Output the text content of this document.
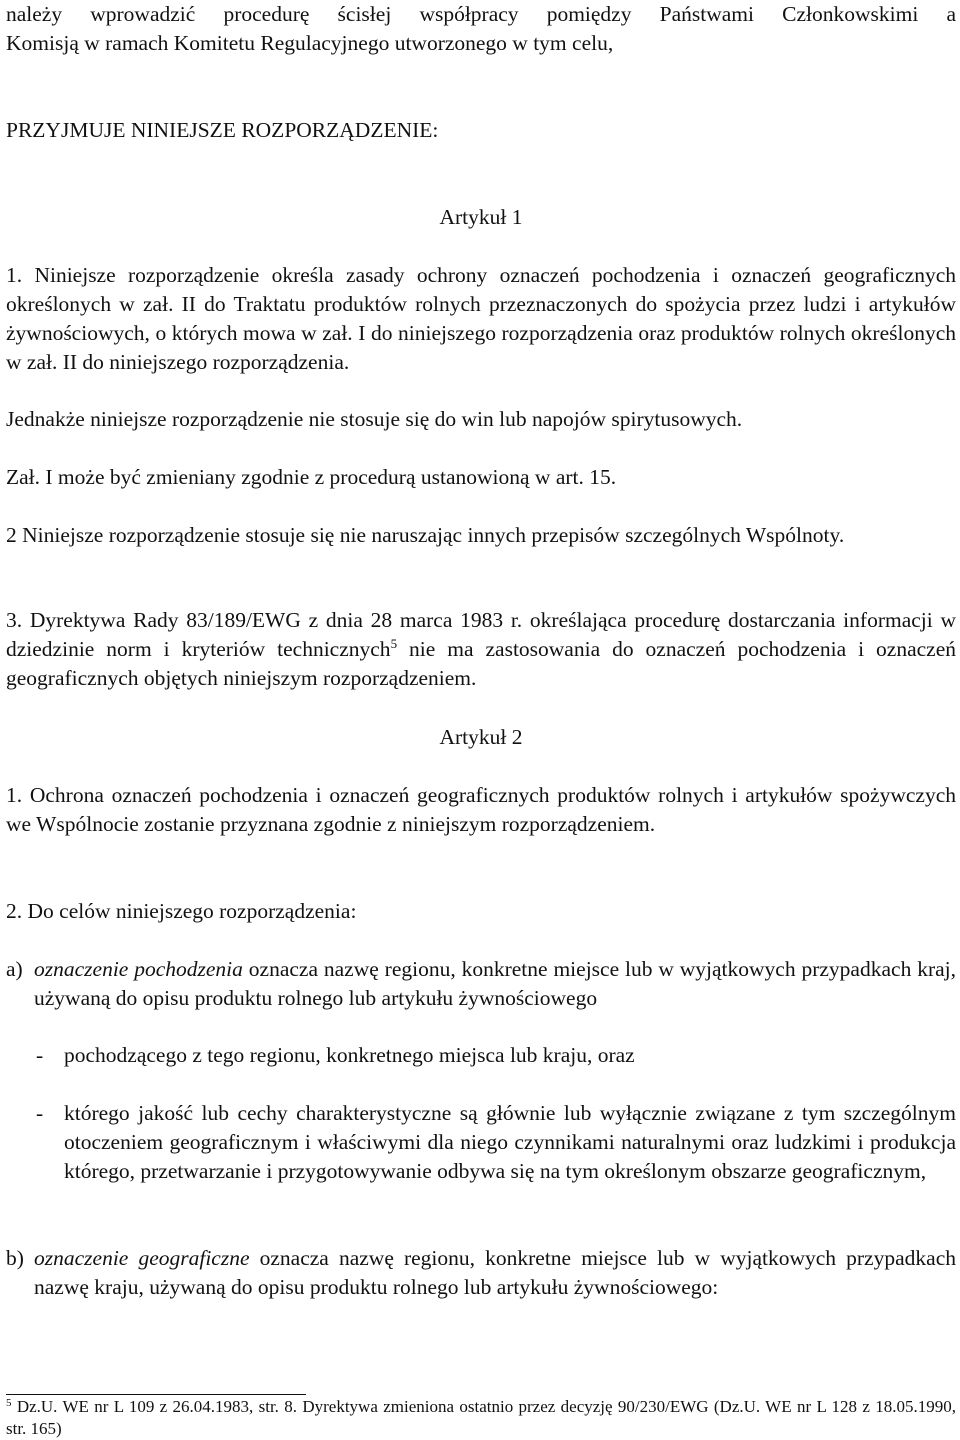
należy wprowadzić procedurę ścisłej współpracy pomiędzy Państwami Członkowskimi a

Komisją w ramach Komitetu Regulacyjnego utworzonego w tym celu,

PRZYJMUJE NINIEJSZE ROZPORZĄDZENIE:

Artykuł 1

1. Niniejsze rozporządzenie określa zasady ochrony oznaczeń pochodzenia i oznaczeń geograficznych określonych w zał. II do Traktatu produktów rolnych przeznaczonych do spożycia przez ludzi i artykułów żywnościowych, o których mowa w zał. I do niniejszego rozporządzenia oraz produktów rolnych określonych w zał. II do niniejszego rozporządzenia.

Jednakże niniejsze rozporządzenie nie stosuje się do win lub napojów spirytusowych.

Zał. I może być zmieniany zgodnie z procedurą ustanowioną w art. 15.

2 Niniejsze rozporządzenie stosuje się nie naruszając innych przepisów szczególnych Wspólnoty.

3. Dyrektywa Rady 83/189/EWG z dnia 28 marca 1983 r. określająca procedurę dostarczania informacji w dziedzinie norm i kryteriów technicznych$^5$ nie ma zastosowania do oznaczeń pochodzenia i oznaczeń geograficznych objętych niniejszym rozporządzeniem.

Artykuł 2

1. Ochrona oznaczeń pochodzenia i oznaczeń geograficznych produktów rolnych i artykułów spożywczych we Wspólnocie zostanie przyznana zgodnie z niniejszym rozporządzeniem.

2. Do celów niniejszego rozporządzenia:

a) oznaczenie pochodzenia oznacza nazwę regionu, konkretne miejsce lub w wyjątkowych przypadkach kraj, używaną do opisu produktu rolnego lub artykułu żywnościowego

- pochodzącego z tego regionu, konkretnego miejsca lub kraju, oraz

- którego jakość lub cechy charakterystyczne są głównie lub wyłącznie związane z tym szczególnym otoczeniem geograficznym i właściwymi dla niego czynnikami naturalnymi oraz ludzkimi i produkcja którego, przetwarzanie i przygotowywanie odbywa się na tym określonym obszarze geograficznym,

b) oznaczenie geograficzne oznacza nazwę regionu, konkretne miejsce lub w wyjątkowych przypadkach nazwę kraju, używaną do opisu produktu rolnego lub artykułu żywnościowego:

$^5$ Dz.U. WE nr L 109 z 26.04.1983, str. 8. Dyrektywa zmieniona ostatnio przez decyzję 90/230/EWG (Dz.U. WE nr L 128 z 18.05.1990, str. 165)
